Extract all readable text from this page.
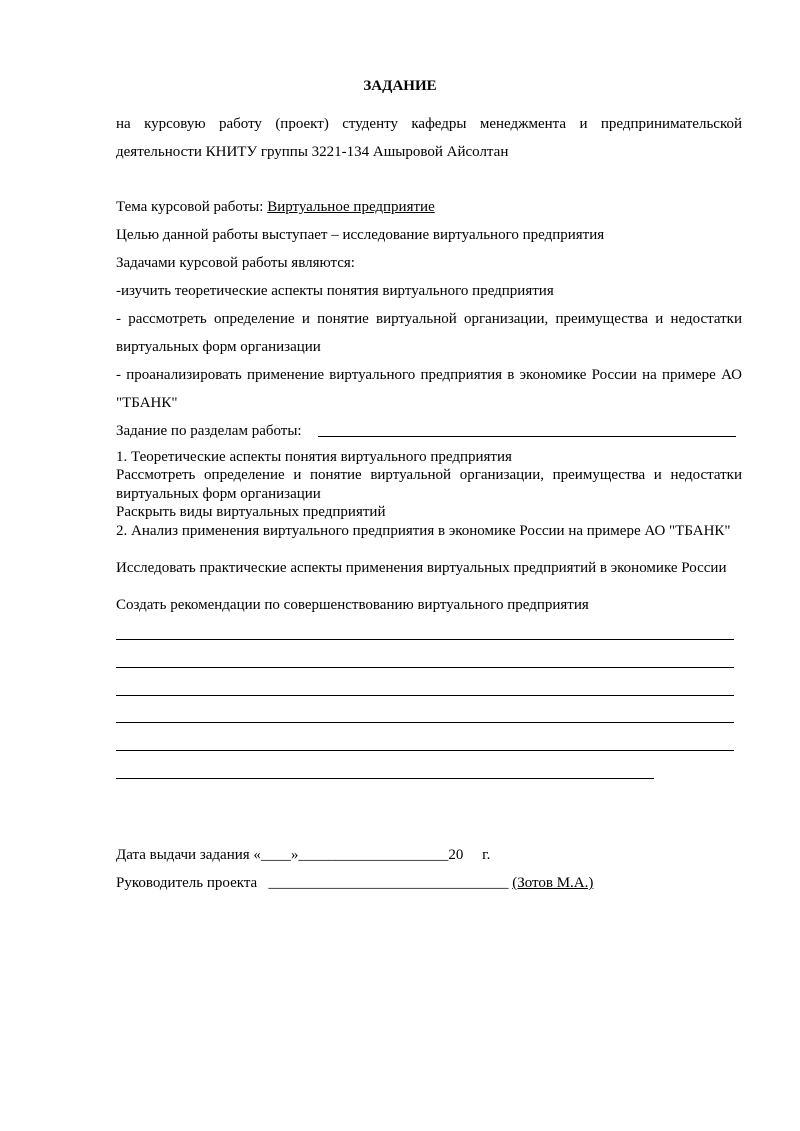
ЗАДАНИЕ
на курсовую работу (проект) студенту кафедры менеджмента и предпринимательской деятельности КНИТУ группы 3221-134 Ашыровой Айсолтан
Тема курсовой работы: Виртуальное предприятие
Целью данной работы выступает – исследование виртуального предприятия
Задачами курсовой работы являются:
-изучить теоретические аспекты понятия виртуального предприятия
- рассмотреть определение и понятие виртуальной организации, преимущества и недостатки виртуальных форм организации
- проанализировать применение виртуального предприятия в экономике России на примере АО "ТБАНК"
Задание по разделам работы:
1. Теоретические аспекты понятия виртуального предприятия
Рассмотреть определение и понятие виртуальной организации, преимущества и недостатки виртуальных форм организации
Раскрыть виды виртуальных предприятий
2. Анализ применения виртуального предприятия в экономике России на примере АО "ТБАНК"
Исследовать практические аспекты применения виртуальных предприятий в экономике России
Создать рекомендации по совершенствованию виртуального предприятия
Дата выдачи задания «____»____________________20 г.
Руководитель проекта ________________________________ (Зотов М.А.)
